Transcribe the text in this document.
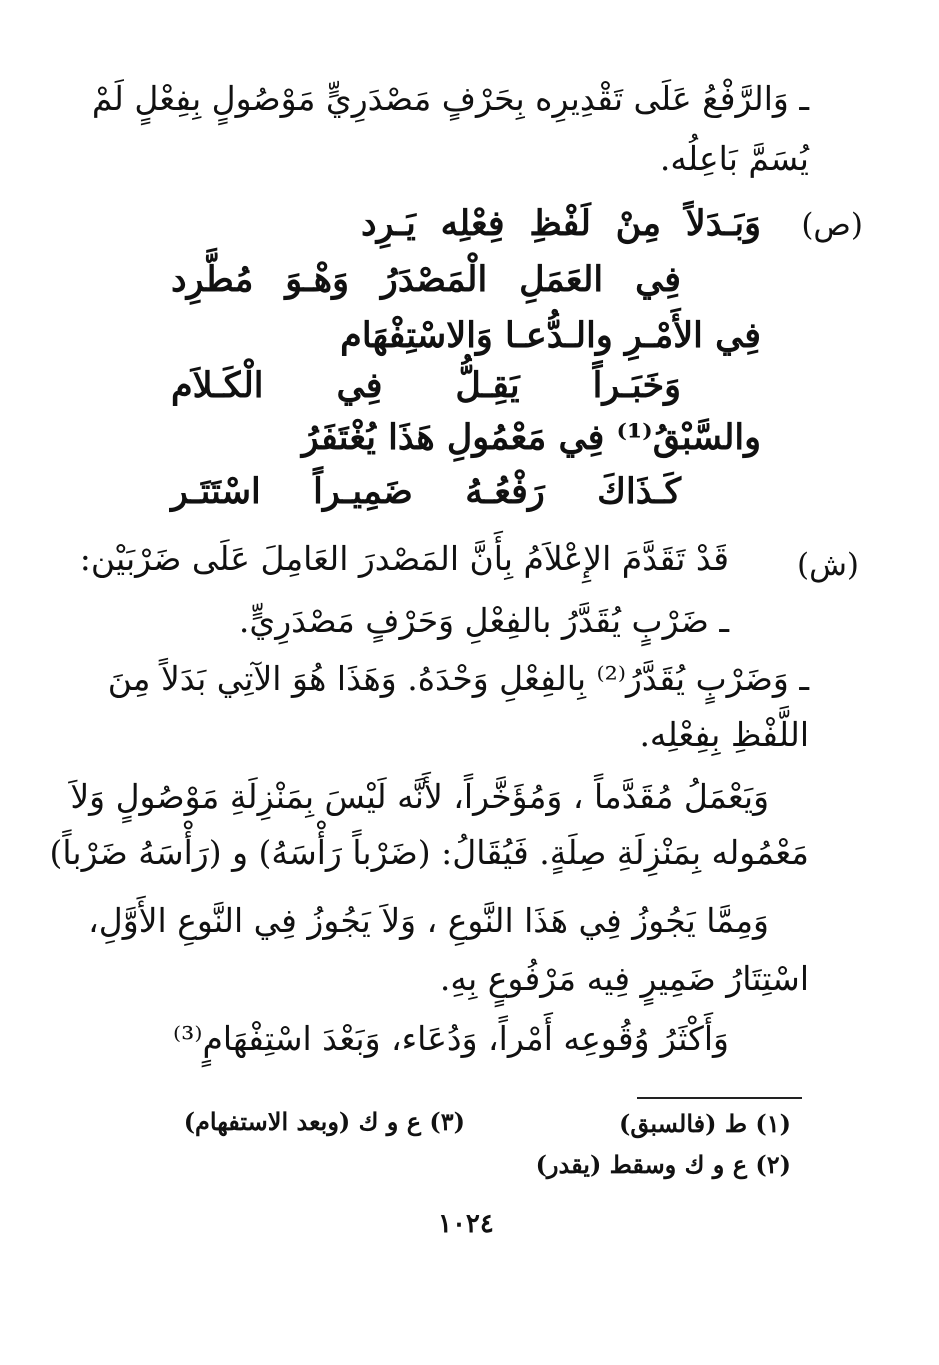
ـ وَالرَّفْعُ عَلَى تَقْدِيرِه بِحَرْفٍ مَصْدَرِيٍّ مَوْصُولٍ بِفِعْلٍ لَمْ
يُسَمَّ بَاعِلُه.
(ص)
وَبَـدَلاً مِنْ لَفْظِ فِعْلِه يَـرِد
فِي العَمَلِ الْمَصْدَرُ وَهْـوَ مُطَّرِد
فِي الأَمْـرِ والـدُّعـا وَالاسْتِفْهَام
وَخَبَـراً يَقِـلُّ فِي الْكَـلاَم
والسَّبْقُ⁽¹⁾ فِي مَعْمُولِ هَذَا يُغْتَفَرُ
كَـذَاكَ رَفْعُـهُ ضَمِيـراً اسْتَتَـر
(ش)
قَدْ تَقَدَّمَ الإِعْلاَمُ بِأَنَّ المَصْدرَ العَامِلَ عَلَى ضَرْبَيْن:
ـ ضَرْبٍ يُقَدَّرُ بالفِعْلِ وَحَرْفٍ مَصْدَرِيٍّ.
ـ وَضَرْبٍ يُقَدَّرُ⁽²⁾ بِالفِعْلِ وَحْدَهُ. وَهَذَا هُوَ الآتِي بَدَلاً مِنَ
اللَّفْظِ بِفِعْلِه.
وَيَعْمَلُ مُقَدَّماً ، وَمُؤَخَّراً، لأَنَّه لَيْسَ بِمَنْزِلَةِ مَوْصُولٍ وَلاَ
مَعْمُوله بِمَنْزِلَةِ صِلَةٍ. فَيُقَالُ: (ضَرْباً رَأْسَهُ) و (رَأْسَهُ ضَرْباً)
وَمِمَّا يَجُوزُ فِي هَذَا النَّوعِ ، وَلاَ يَجُوزُ فِي النَّوعِ الأَوَّلِ،
اسْتِتَارُ ضَمِيرٍ فِيه مَرْفُوعٍ بِهِ.
وَأَكْثَرُ وُقُوعِه أَمْراً، وَدُعَاء، وَبَعْدَ اسْتِفْهَامٍ⁽³⁾
(١) ط (فالسبق)
(٣) ع و ك (وبعد الاستفهام)
(٢) ع و ك وسقط (يقدر)
١٠٢٤
